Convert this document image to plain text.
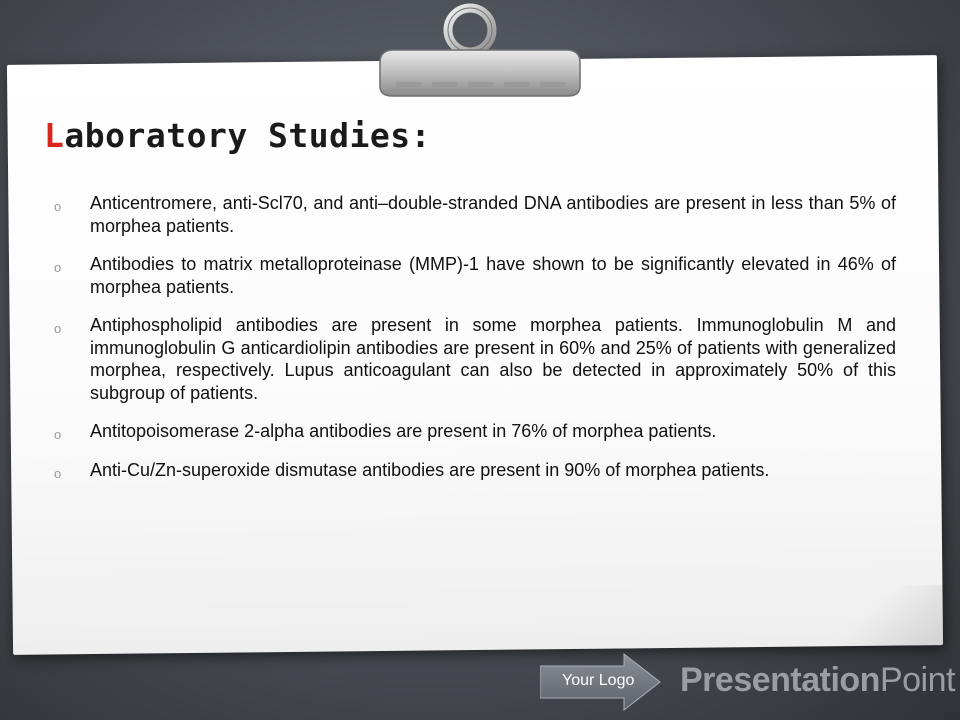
Laboratory Studies:
o Anticentromere, anti-Scl70, and anti–double-stranded DNA antibodies are present in less than 5% of morphea patients.
o Antibodies to matrix metalloproteinase (MMP)-1 have shown to be significantly elevated in 46% of morphea patients.
o Antiphospholipid antibodies are present in some morphea patients. Immunoglobulin M and immunoglobulin G anticardiolipin antibodies are present in 60% and 25% of patients with generalized morphea, respectively. Lupus anticoagulant can also be detected in approximately 50% of this subgroup of patients.
o Antitopoisomerase 2-alpha antibodies are present in 76% of morphea patients.
o Anti-Cu/Zn-superoxide dismutase antibodies are present in 90% of morphea patients.
Your Logo PresentationPoint
